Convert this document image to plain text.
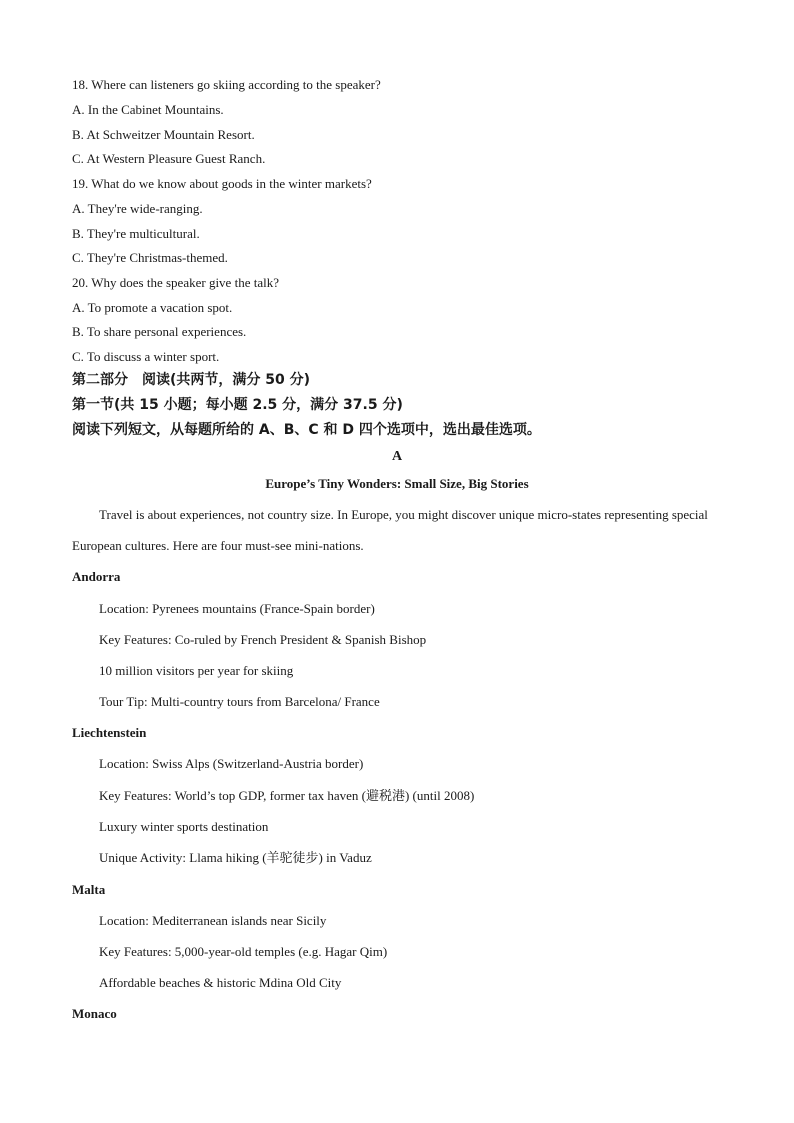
18. Where can listeners go skiing according to the speaker?
A. In the Cabinet Mountains.
B. At Schweitzer Mountain Resort.
C. At Western Pleasure Guest Ranch.
19. What do we know about goods in the winter markets?
A. They're wide-ranging.
B. They're multicultural.
C. They're Christmas-themed.
20. Why does the speaker give the talk?
A. To promote a vacation spot.
B. To share personal experiences.
C. To discuss a winter sport.
第二部分　阅读(共两节，满分 50 分)
第一节(共 15 小题；每小题 2.5 分，满分 37.5 分)
阅读下列短文，从每题所给的 A、B、C 和 D 四个选项中，选出最佳选项。
A
Europe’s Tiny Wonders: Small Size, Big Stories
Travel is about experiences, not country size. In Europe, you might discover unique micro-states representing special European cultures. Here are four must-see mini-nations.
Andorra
Location: Pyrenees mountains (France-Spain border)
Key Features: Co-ruled by French President & Spanish Bishop
10 million visitors per year for skiing
Tour Tip: Multi-country tours from Barcelona/ France
Liechtenstein
Location: Swiss Alps (Switzerland-Austria border)
Key Features: World’s top GDP, former tax haven (避税港) (until 2008)
Luxury winter sports destination
Unique Activity: Llama hiking (羊驼徒步) in Vaduz
Malta
Location: Mediterranean islands near Sicily
Key Features: 5,000-year-old temples (e.g. Hagar Qim)
Affordable beaches & historic Mdina Old City
Monaco
